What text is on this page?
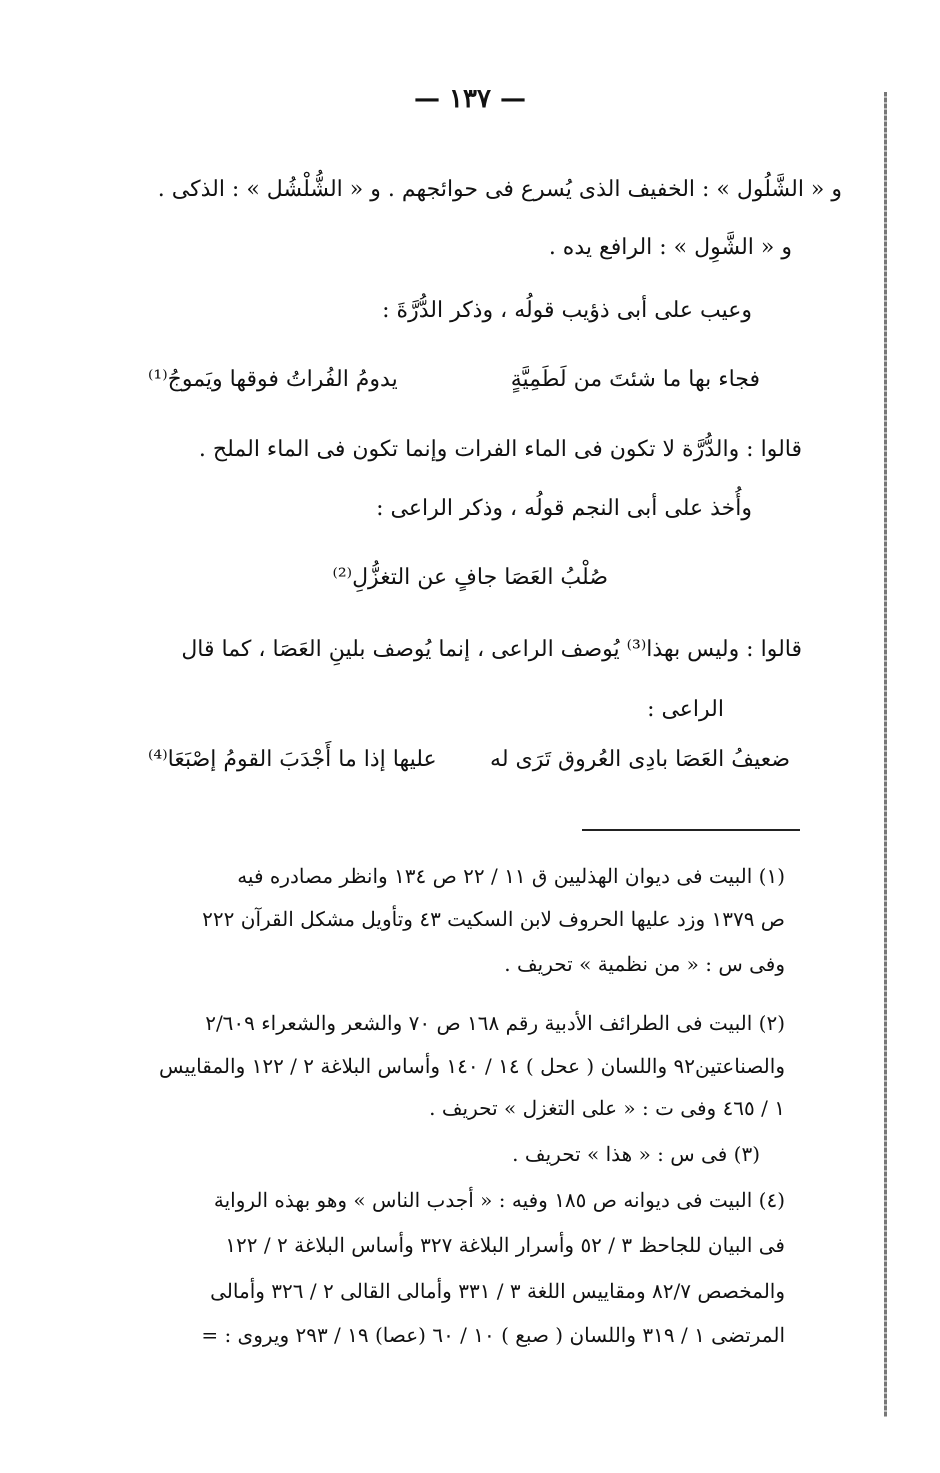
— ١٣٧ —
و « الشَّلُول » : الخفيف الذى يُسرع فى حوائجهم . و « الشُّلْشُل » : الذكى .
و « الشَّوِل » : الرافع يده .
وعيب على أبى ذؤيب قولُه ، وذكر الدُّرَّةَ :
فجاء بها ما شئتَ من لَطَمِيَّةٍ
يدومُ الفُراتُ فوقها ويَموجُ⁽¹⁾
قالوا : والدُّرَّة لا تكون فى الماء الفرات وإنما تكون فى الماء الملح .
وأُخذ على أبى النجم قولُه ، وذكر الراعى :
صُلْبُ العَصَا جافٍ عن التغزُّلِ⁽²⁾
قالوا : وليس بهذا⁽³⁾ يُوصف الراعى ، إنما يُوصف بلينِ العَصَا ، كما قال
الراعى :
ضعيفُ العَصَا بادِى العُروق تَرَى له
عليها إذا ما أَجْدَبَ القومُ إصْبَعَا⁽⁴⁾
(١) البيت فى ديوان الهذليين ق ١١ / ٢٢ ص ١٣٤ وانظر مصادره فيه
ص ١٣٧٩ وزد عليها الحروف لابن السكيت ٤٣ وتأويل مشكل القرآن ٢٢٢
وفى س : « من نظمية » تحريف .
(٢) البيت فى الطرائف الأدبية رقم ١٦٨ ص ٧٠ والشعر والشعراء ٢/٦٠٩
والصناعتين٩٢ واللسان ( عحل ) ١٤ / ١٤٠ وأساس البلاغة ٢ / ١٢٢ والمقاييس
١ / ٤٦٥ وفى ت : « على التغزل » تحريف .
(٣) فى س : « هذا » تحريف .
(٤) البيت فى ديوانه ص ١٨٥ وفيه : « أجدب الناس » وهو بهذه الرواية
فى البيان للجاحظ ٣ / ٥٢ وأسرار البلاغة ٣٢٧ وأساس البلاغة ٢ / ١٢٢
والمخصص ٨٢/٧ ومقاييس اللغة ٣ / ٣٣١ وأمالى القالى ٢ / ٣٢٦ وأمالى
المرتضى ١ / ٣١٩ واللسان ( صبع ) ١٠ / ٦٠ (عصا) ١٩ / ٢٩٣ ويروى : =
